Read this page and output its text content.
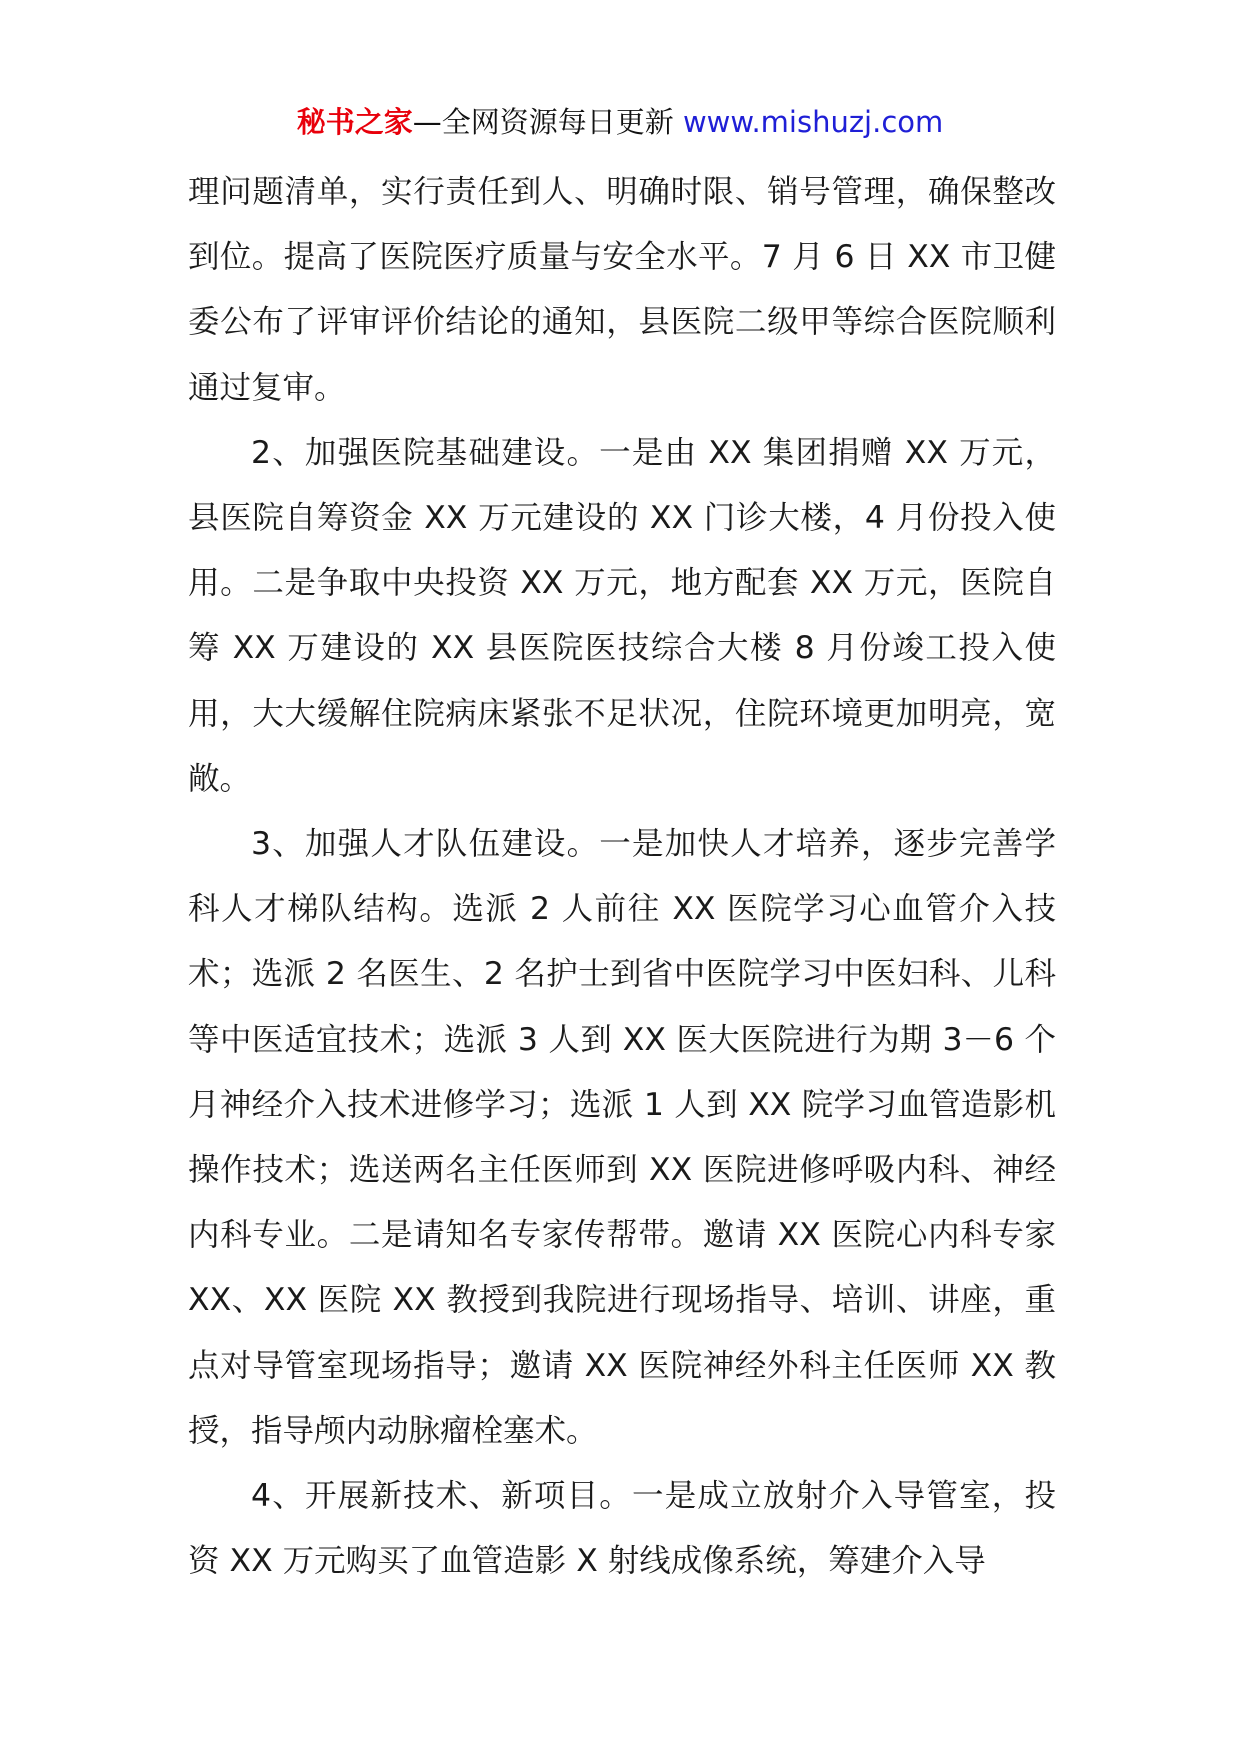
秘书之家—全网资源每日更新 www.mishuzj.com

理问题清单，实行责任到人、明确时限、销号管理，确保整改到位。提高了医院医疗质量与安全水平。7 月 6 日 XX 市卫健委公布了评审评价结论的通知，县医院二级甲等综合医院顺利通过复审。

2、加强医院基础建设。一是由 XX 集团捐赠 XX 万元，县医院自筹资金 XX 万元建设的 XX 门诊大楼，4 月份投入使用。二是争取中央投资 XX 万元，地方配套 XX 万元，医院自筹 XX 万建设的 XX 县医院医技综合大楼 8 月份竣工投入使用，大大缓解住院病床紧张不足状况，住院环境更加明亮，宽敞。

3、加强人才队伍建设。一是加快人才培养，逐步完善学科人才梯队结构。选派 2 人前往 XX 医院学习心血管介入技术；选派 2 名医生、2 名护士到省中医院学习中医妇科、儿科等中医适宜技术；选派 3 人到 XX 医大医院进行为期 3－6 个月神经介入技术进修学习；选派 1 人到 XX 院学习血管造影机操作技术；选送两名主任医师到 XX 医院进修呼吸内科、神经内科专业。二是请知名专家传帮带。邀请 XX 医院心内科专家 XX、XX 医院 XX 教授到我院进行现场指导、培训、讲座，重点对导管室现场指导；邀请 XX 医院神经外科主任医师 XX 教授，指导颅内动脉瘤栓塞术。

4、开展新技术、新项目。一是成立放射介入导管室，投资 XX 万元购买了血管造影 X 射线成像系统，筹建介入导
